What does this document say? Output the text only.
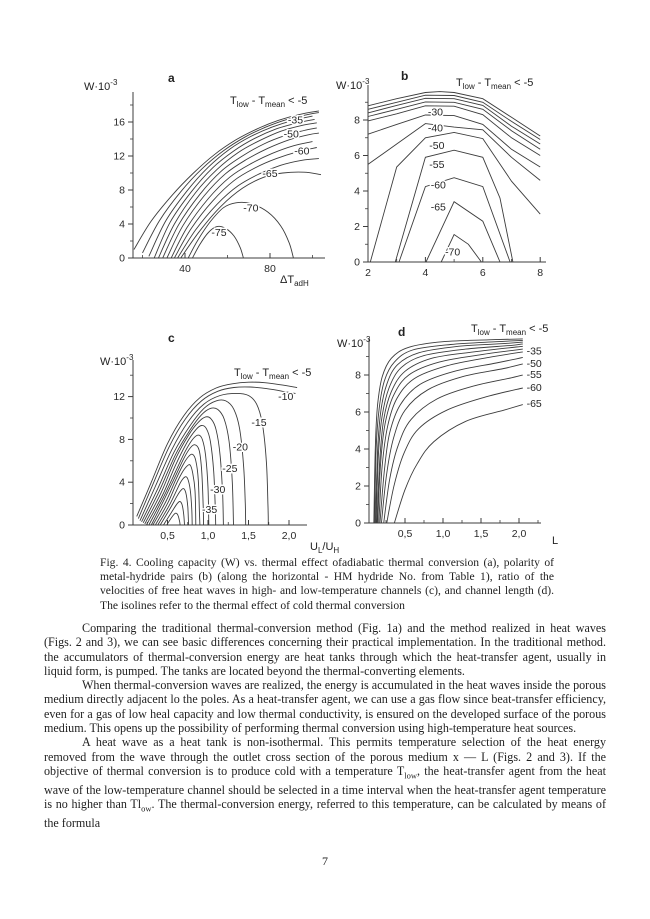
40	80
0
4
8
12
16	-35
-50
-60
-65
-70
-75
a
$W\cdot 10^{-3}$
ΔTadH
Tlow - Tmean < -5
2	4	6	8
0
2
4
6
8
-30
-40
-50
-55
-60
-65
-70
b
$W\cdot 10^{-3}$	Tlow - Tmean < -5
0,5 1,0 1,5 2,0
0
4
8
12	-10
-15
-20
-25
-30
-35
c
$W\cdot 10^{-3}$
UL/UH
Tlow - Tmean < -5
0,5 1,0 1,5 2,0
0
2
4
6
8
-35
-50
-55
-60
-65
d
$W\cdot 10^{-3}$
L
Tlow - Tmean < -5
Fig. 4. Cooling capacity (W) vs. thermal effect ofadiabatic thermal conversion (a), polarity of metal-hydride pairs (b) (along the horizontal - HM hydride No. from Table 1), ratio of the velocities of free heat waves in high- and low-temperature channels (c), and channel length (d). The isolines refer to the thermal effect of cold thermal conversion

Comparing the traditional thermal-conversion method (Fig. 1a) and the method realized in heat waves (Figs. 2 and 3), we can see basic differences concerning their practical implementation. In the traditional method. the accumulators of thermal-conversion energy are heat tanks through which the heat-transfer agent, usually in liquid form, is pumped. The tanks are located beyond the thermal-converting elements.

When thermal-conversion waves are realized, the energy is accumulated in the heat waves inside the porous medium directly adjacent lo the poles. As a heat-transfer agent, we can use a gas flow since beat-transfer efficiency, even for a gas of low heal capacity and low thermal conductivity, is ensured on the developed surface of the porous medium. This opens up the possibility of performing thermal conversion using high-temperature heat sources.

A heat wave as a heat tank is non-isothermal. This permits temperature selection of the heat energy removed from the wave through the outlet cross section of the porous medium x — L (Figs. 2 and 3). If the objective of thermal conversion is to produce cold with a temperature $T_{low}$, the heat-transfer agent from the heat wave of the low-temperature channel should be selected in a time interval when the heat-transfer agent temperature is no higher than $Tl_{ow}$. The thermal-conversion energy, referred to this temperature, can be calculated by means of the formula

7
